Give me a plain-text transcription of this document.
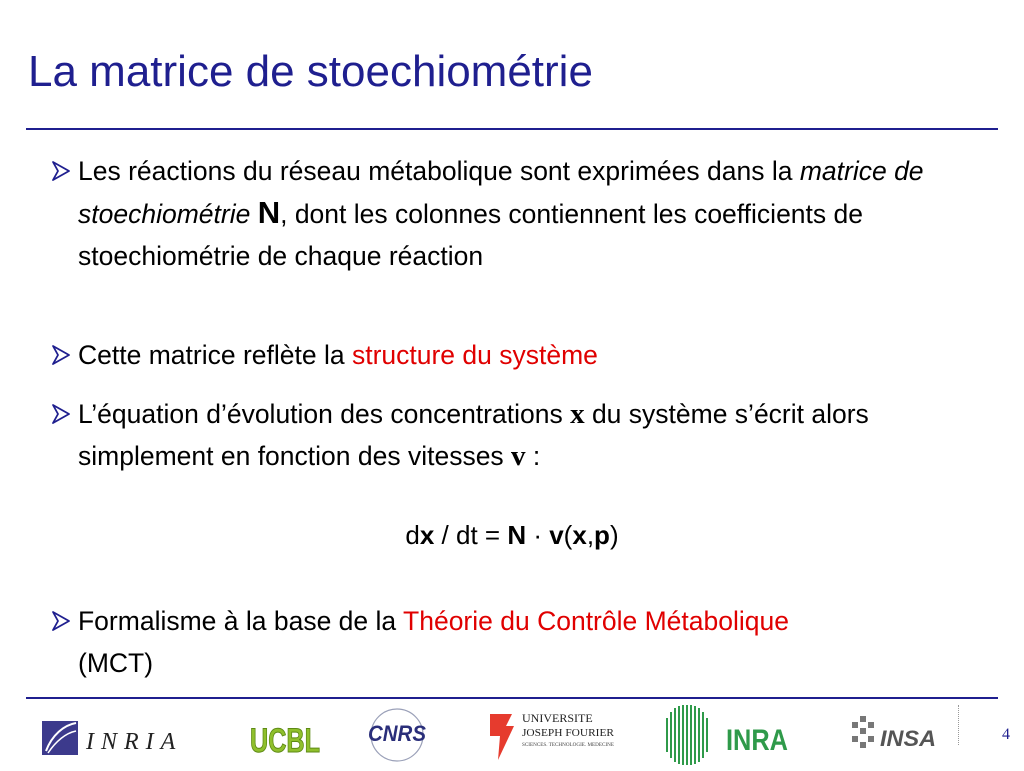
La matrice de stoechiométrie
Les réactions du réseau métabolique sont exprimées dans la matrice de stoechiométrie N, dont les colonnes contiennent les coefficients de stoechiométrie de chaque réaction
Cette matrice reflète la structure du système
L’équation d’évolution des concentrations x du système s’écrit alors simplement en fonction des vitesses v :
dx / dt = N · v(x,p)
Formalisme à la base de la Théorie du Contrôle Métabolique (MCT)
INRIA UCBL CNRS
UNIVERSITE
JOSEPH FOURIER
SCIENCES. TECHNOLOGIE. MEDECINE	INRA	INSA	4
